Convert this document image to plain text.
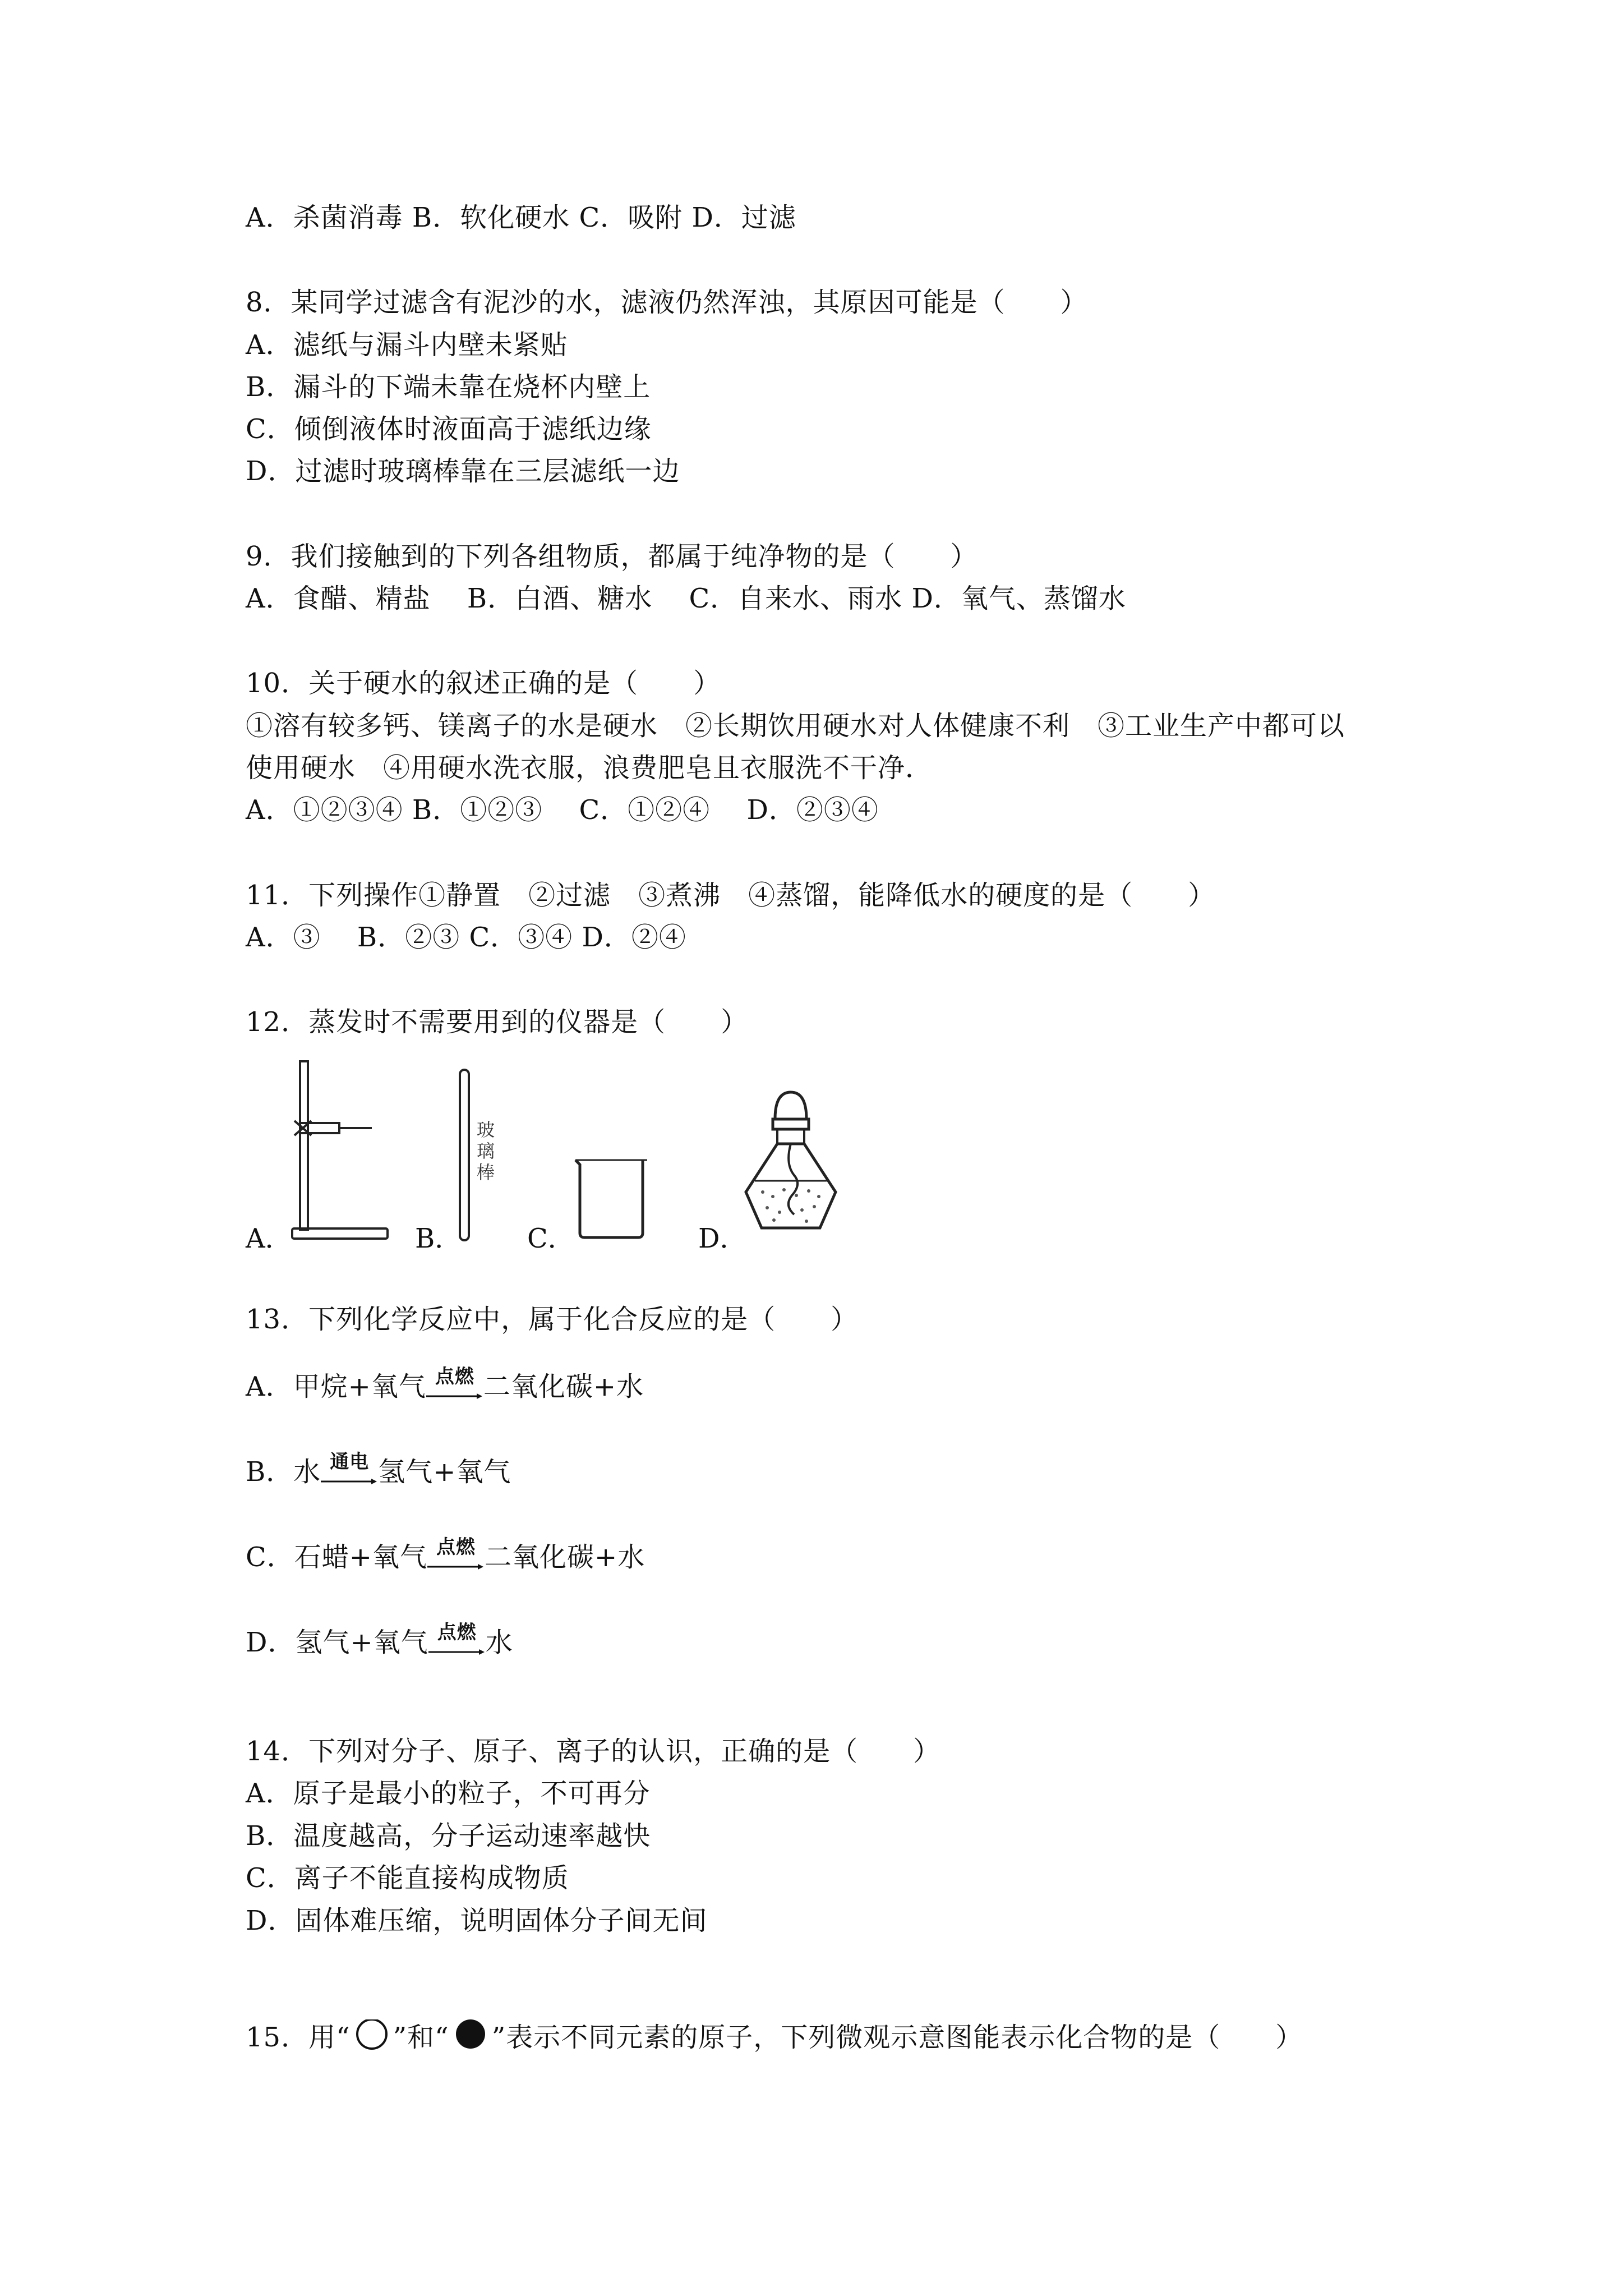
A．杀菌消毒 B．软化硬水 C．吸附 D．过滤
8．某同学过滤含有泥沙的水，滤液仍然浑浊，其原因可能是（　　）
A．滤纸与漏斗内壁未紧贴
B．漏斗的下端未靠在烧杯内壁上
C．倾倒液体时液面高于滤纸边缘
D．过滤时玻璃棒靠在三层滤纸一边
9．我们接触到的下列各组物质，都属于纯净物的是（　　）
A．食醋、精盐　 B．白酒、糖水　 C．自来水、雨水 D．氧气、蒸馏水
10．关于硬水的叙述正确的是（　　）
①溶有较多钙、镁离子的水是硬水　②长期饮用硬水对人体健康不利　③工业生产中都可以
使用硬水　④用硬水洗衣服，浪费肥皂且衣服洗不干净．
A．①②③④ B．①②③　 C．①②④　 D．②③④
11．下列操作①静置　②过滤　③煮沸　④蒸馏，能降低水的硬度的是（　　）
A．③　 B．②③ C．③④ D．②④
12．蒸发时不需要用到的仪器是（　　）
A．	B． C．	D．
玻
璃
棒
13．下列化学反应中，属于化合反应的是（　　）
A．甲烷+氧气 点燃 二氧化碳+水
B．水 通电 氢气+氧气
C．石蜡+氧气 点燃 二氧化碳+水
D．氢气+氧气 点燃 水
14．下列对分子、原子、离子的认识，正确的是（　　）
A．原子是最小的粒子，不可再分
B．温度越高，分子运动速率越快
C．离子不能直接构成物质
D．固体难压缩，说明固体分子间无间
15．用“ ”和“ ”表示不同元素的原子，下列微观示意图能表示化合物的是（　　）
